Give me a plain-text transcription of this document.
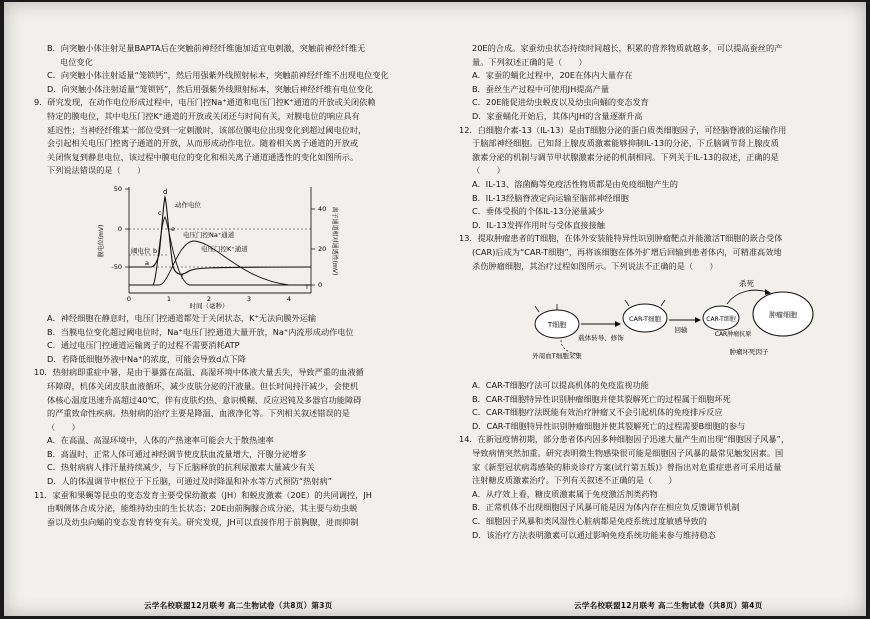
B．向突触小体注射足量BAPTA后在突触前神经纤维施加适宜电刺激，突触前神经纤维无
电位变化
C．向突触小体注射适量“笼锁钙”，然后用强紫外线照射标本，突触前神经纤维不出现电位变化
D．向突触小体注射适量“笼锁钙”，然后用强紫外线照射标本，突触后神经纤维有电位变化
9．研究发现，在动作电位形成过程中，电压门控Na⁺通道和电压门控K⁺通道的开放或关闭依赖
特定的膜电位，其中电压门控K⁺通道的开放或关闭还与时间有关，对膜电位的响应具有
延迟性；当神经纤维某一部位受到一定刺激时，该部位膜电位出现变化到超过阈电位时，
会引起相关电压门控离子通道的开放，从而形成动作电位。随着相关离子通道的开放或
关闭恢复到静息电位，该过程中膜电位的变化和相关离子通道通透性的变化如图所示。
下列说法错误的是（　　）
膜电位(mV)	离子通道相对通透性(mV)
50
0
-50
40
20
0
0	1	2	3	4
T
时间（毫秒）
动作电位
电压门控Na⁺通道
电压门控K⁺通道
阈电位
a
b
c
d
e
f
A．神经细胞在静息时，电压门控通道都处于关闭状态，K⁺无法向膜外运输
B．当膜电位变化超过阈电位时，Na⁺电压门控通道大量开放，Na⁺内流形成动作电位
C．通过电压门控通道运输离子的过程不需要消耗ATP
D．若降低细胞外液中Na⁺的浓度，可能会导致d点下降
10．热射病即重症中暑，是由于暴露在高温、高湿环境中体液大量丢失，导致严重的血液循
环障碍，机体关闭皮肤血液循环，减少皮肤分泌的汗液量。但长时间持汗减少，会使机
体核心温度迅速升高超过40℃，伴有皮肤灼热、意识模糊、反应迟钝及多器官功能障碍
的严重致命性疾病。热射病的治疗主要是降温、血液净化等。下列相关叙述错误的是
（　　）
A．在高温、高湿环境中，人体的产热速率可能会大于散热速率
B．高温时，正常人体可通过神经调节使皮肤血流量增大，汗腺分泌增多
C．热射病病人排汗量持续减少，与下丘脑释放的抗利尿激素大量减少有关
D．人的体温调节中枢位于下丘脑，可通过及时降温和补水等方式预防“热射病”
11．家蚕和果蝇等昆虫的变态发育主要受保幼激素（JH）和蜕皮激素（20E）的共同调控，JH
由咽侧体合成分泌，能维持幼虫的生长状态；20E由前胸腺合成分泌，其主要与幼虫蜕
蚕以及幼虫向蛹的变态发育转变有关。研究发现，JH可以直接作用于前胸腺，进而抑制
20E的合成。家蚕幼虫状态持续时间越长，积累的营养物质就越多，可以提高蚕丝的产
量。下列叙述正确的是（　　）
A．家蚕的蛹化过程中，20E在体内大量存在
B．蚕丝生产过程中可使用JH提高产量
C．20E能促进幼虫蜕皮以及幼虫向蛹的变态发育
D．家蚕蛹化开始后，其体内JH的含量逐渐升高
12．白细胞介素-13（IL-13）是由T细胞分泌的蛋白质类细胞因子，可经脑脊液的运输作用
于脑部神经细胞。已知肾上腺皮质激素能够抑制IL-13的分泌，下丘脑调节肾上腺皮质
激素分泌的机制与调节甲状腺激素分泌的机制相同。下列关于IL-13的叙述，正确的是
（　　）
A．IL-13、溶菌酶等免疫活性物质都是由免疫细胞产生的
B．IL-13经脑脊液定向运输至脑部神经细胞
C．垂体受损的个体IL-13分泌量减少
D．IL-13发挥作用时与受体直接接触
13．提取肿瘤患者的T细胞，在体外安装能特异性识别肿瘤靶点并能激活T细胞的嵌合受体
(CAR)后成为“CAR-T细胞”，再将该细胞在体外扩增后回输到患者体内，可精准高效地
杀伤肿瘤细胞，其治疗过程如图所示。下列说法不正确的是（　　）
T细胞
CAR-T细胞
回输
CAR-T细胞
肿瘤细胞
杀死
载体转导、修饰	CAR肿瘤抗原
外周血T细胞采集	肿瘤坏死因子
A．CAR-T细胞疗法可以提高机体的免疫监视功能
B．CAR-T细胞特异性识别肿瘤细胞并使其裂解死亡的过程属于细胞坏死
C．CAR-T细胞疗法既能有效治疗肿瘤又不会引起机体的免疫排斥反应
D．CAR-T细胞特异性识别肿瘤细胞并使其裂解死亡的过程需要B细胞的参与
14．在新冠疫情初期，部分患者体内因多种细胞因子迅速大量产生而出现“细胞因子风暴”，
导致病情突然加重。研究表明微生物感染很可能是细胞因子风暴的最常见触发因素。国
家《新型冠状病毒感染的肺炎诊疗方案(试行第五版)》曾指出对危重症患者可采用适量
注射糖皮质激素治疗。下列有关叙述不正确的是（　　）
A．从疗效上看，糖皮质激素属于免疫激活剂类药物
B．正常机体不出现细胞因子风暴可能是因为体内存在相应负反馈调节机制
C．细胞因子风暴和类风湿性心脏病都是免疫系统过度敏感导致的
D．该治疗方法表明激素可以通过影响免疫系统功能来参与维持稳态
云学名校联盟12月联考 高二生物试卷（共8页）第3页	云学名校联盟12月联考 高二生物试卷（共8页）第4页
